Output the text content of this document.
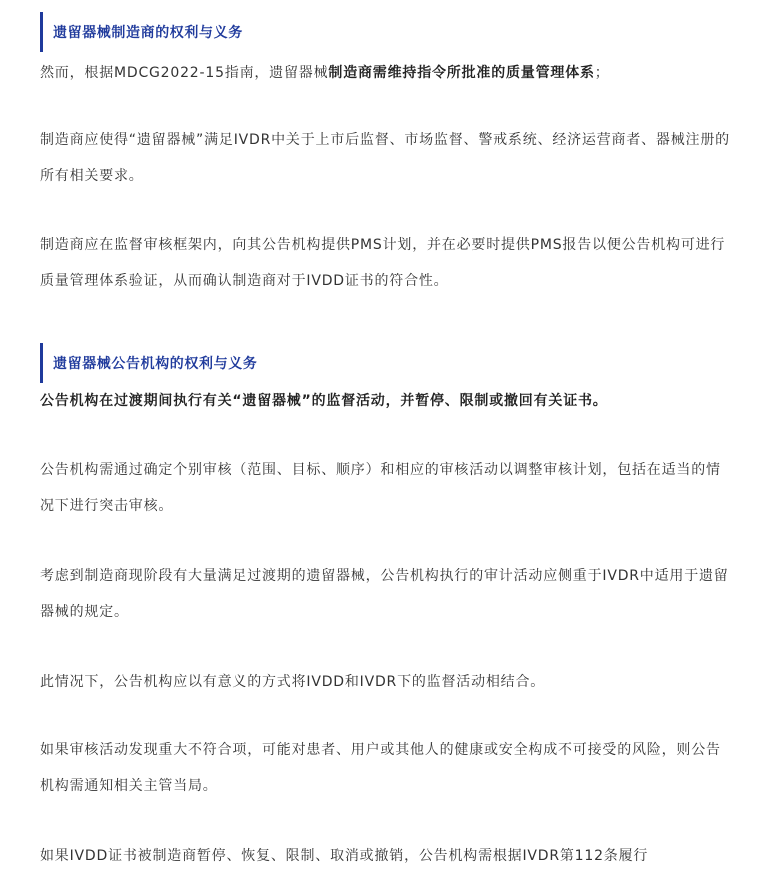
遗留器械制造商的权利与义务
然而，根据MDCG2022-15指南，遗留器械制造商需维持指令所批准的质量管理体系；
制造商应使得“遗留器械”满足IVDR中关于上市后监督、市场监督、警戒系统、经济运营商者、器械注册的所有相关要求。
制造商应在监督审核框架内，向其公告机构提供PMS计划，并在必要时提供PMS报告以便公告机构可进行质量管理体系验证，从而确认制造商对于IVDD证书的符合性。
遗留器械公告机构的权利与义务
公告机构在过渡期间执行有关“遗留器械”的监督活动，并暂停、限制或撤回有关证书。
公告机构需通过确定个别审核（范围、目标、顺序）和相应的审核活动以调整审核计划，包括在适当的情况下进行突击审核。
考虑到制造商现阶段有大量满足过渡期的遗留器械，公告机构执行的审计活动应侧重于IVDR中适用于遗留器械的规定。
此情况下，公告机构应以有意义的方式将IVDD和IVDR下的监督活动相结合。
如果审核活动发现重大不符合项，可能对患者、用户或其他人的健康或安全构成不可接受的风险，则公告机构需通知相关主管当局。
如果IVDD证书被制造商暂停、恢复、限制、取消或撤销，公告机构需根据IVDR第112条履行
